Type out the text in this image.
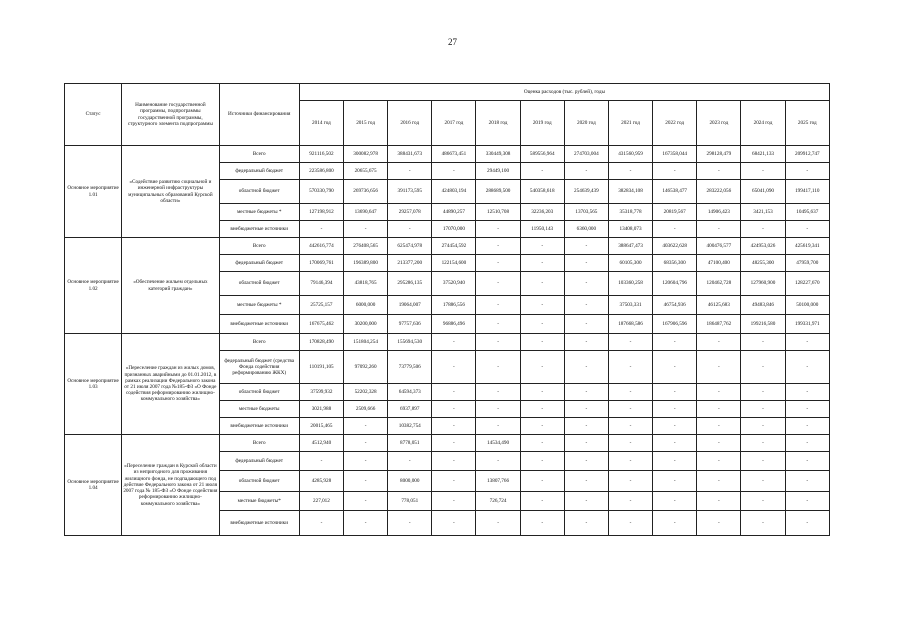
27
Статус	Наименование государственной программы, подпрограммы государственной программы, структурного элемента подпрограммы	Источники финансирования	Оценка расходов (тыс. рублей), годы											
			2014 год	2015 год	2016 год	2017 год	2018 год	2019 год	2020 год	2021 год	2022 год	2023 год	2024 год	2025 год
Основное мероприятие 1.01	«Содействие развитию социальной и инженерной инфраструктуры муниципальных образований Курской области»	Всего	921116,502	300082,978	388431,673	486673,451	330449,308	589556,964	274703,004	431560,959	167358,044	298128,479	68421,133	209912,747
		федеральный бюджет	223586,800	20655,675	-	-	29449,100	-	-	-	-	-	-	-
		областной бюджет	570330,790	269736,656	391173,595	424803,194	288689,500	540358,618	254639,439	382834,108	146538,477	283222,056	65041,090	199417,110
		местные бюджеты *	127198,912	13690,647	29257,078	44890,257	12510,708	32236,203	13703,565	35318,778	20819,567	14906,423	3421,153	10495,637
		внебюджетные источники	-	-	-	17070,000	-	11950,143	6360,000	13408,073	-	-	-	-
Основное мероприятие 1.02	«Обеспечение жильем отдельных категорий граждан»	Всего	442616,774	276408,565	625474,978	274454,592	-	-	-	388647,473	403622,628	400476,577	424953,026	425619,341
		федеральный бюджет	170069,761	196389,800	213377,200	122154,600	-	-	-	60105,300	68356,300	47100,400	48255,300	47959,700
		областной бюджет	79146,394	43818,765	295286,135	37520,940	-	-	-	103360,258	120604,796	120462,728	127960,900	128227,670
		местные бюджеты *	25725,157	6000,000	19064,007	17886,556	-	-	-	37503,331	46754,936	46125,683	49483,846	50100,000
		внебюджетные источники	167675,462	30200,000	97757,636	96886,496	-	-	-	187668,586	167906,596	186487,762	199216,580	199331,971
Основное мероприятие 1.03	«Переселение граждан из жилых домов, признанных аварийными до 01.01.2012, в рамках реализации Федерального закона от 21 июля 2007 года №185-ФЗ «О Фонде содействия реформированию жилищно-коммунального хозяйства»	Всего	170828,490	151804,254	155694,530	-	-	-	-	-	-	-	-	-
		федеральный бюджет (средства Фонда содействия реформированию ЖКХ)	110191,105	97092,260	73779,506	-	-	-	-	-	-	-	-	-
		областной бюджет	37599,932	52202,328	64594,373	-	-	-	-	-	-	-	-	-
		местные бюджеты	3021,988	2509,666	6937,897	-	-	-	-	-	-	-	-	-
		внебюджетные источники	20015,465	-	10382,754	-	-	-	-	-	-	-	-	-
Основное мероприятие 1.04	«Переселение граждан в Курской области из непригодного для проживания жилищного фонда, не подпадающего под действие Федерального закона от 21 июля 2007 года № 185-ФЗ «О Фонде содействия реформированию жилищно-коммунального хозяйства»	Всего	4512,940	-	8778,051	-	14534,490	-	-	-	-	-	-	-
		федеральный бюджет	-	-	-	-	-	-	-	-	-	-	-	-
		областной бюджет	4285,928	-	8000,000	-	13807,766	-	-	-	-	-	-	-
		местные бюджеты*	227,012	-	778,051	-	726,724	-	-	-	-	-	-	-
		внебюджетные источники	-	-	-	-	-	-	-	-	-	-	-	-
